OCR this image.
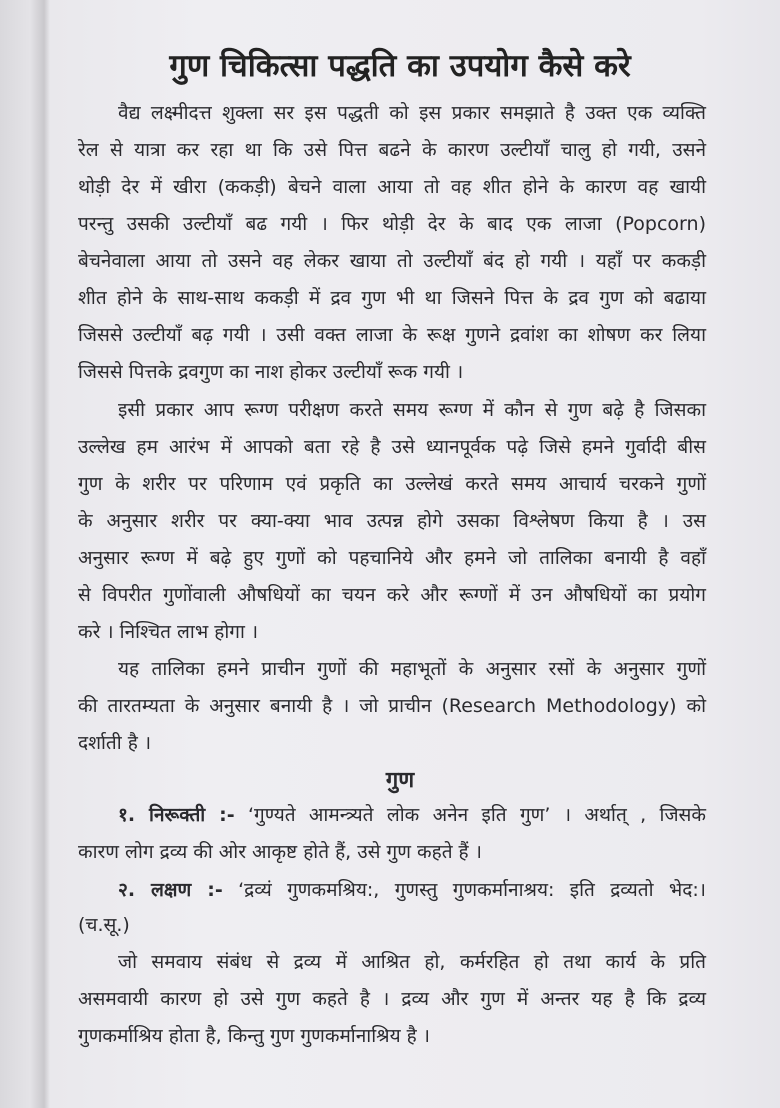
गुण चिकित्सा पद्धति का उपयोग कैसे करे
वैद्य लक्ष्मीदत्त शुक्ला सर इस पद्धती को इस प्रकार समझाते है उक्त एक व्यक्ति
रेल से यात्रा कर रहा था कि उसे पित्त बढने के कारण उल्टीयाँ चालु हो गयी, उसने
थोड़ी देर में खीरा (ककड़ी) बेचने वाला आया तो वह शीत होने के कारण वह खायी
परन्तु उसकी उल्टीयाँ बढ गयी । फिर थोड़ी देर के बाद एक लाजा (Popcorn)
बेचनेवाला आया तो उसने वह लेकर खाया तो उल्टीयाँ बंद हो गयी । यहाँ पर ककड़ी
शीत होने के साथ-साथ ककड़ी में द्रव गुण भी था जिसने पित्त के द्रव गुण को बढाया
जिससे उल्टीयाँ बढ़ गयी । उसी वक्त लाजा के रूक्ष गुणने द्रवांश का शोषण कर लिया
जिससे पित्तके द्रवगुण का नाश होकर उल्टीयाँ रूक गयी ।
इसी प्रकार आप रूग्ण परीक्षण करते समय रूग्ण में कौन से गुण बढ़े है जिसका
उल्लेख हम आरंभ में आपको बता रहे है उसे ध्यानपूर्वक पढ़े जिसे हमने गुर्वादी बीस
गुण के शरीर पर परिणाम एवं प्रकृति का उल्लेखं करते समय आचार्य चरकने गुणों
के अनुसार शरीर पर क्या-क्या भाव उत्पन्न होगे उसका विश्लेषण किया है । उस
अनुसार रूग्ण में बढ़े हुए गुणों को पहचानिये और हमने जो तालिका बनायी है वहाँ
से विपरीत गुणोंवाली औषधियों का चयन करे और रूग्णों में उन औषधियों का प्रयोग
करे । निश्चित लाभ होगा ।
यह तालिका हमने प्राचीन गुणों की महाभूतों के अनुसार रसों के अनुसार गुणों
की तारतम्यता के अनुसार बनायी है । जो प्राचीन (Research Methodology) को
दर्शाती है ।
गुण
१. निरूक्ती :- ‘गुण्यते आमन्त्र्यते लोक अनेन इति गुण’ । अर्थात् , जिसके
कारण लोग द्रव्य की ओर आकृष्ट होते हैं, उसे गुण कहते हैं ।
२. लक्षण :- ‘द्रव्यं गुणकमश्रिय:, गुणस्तु गुणकर्मानाश्रय: इति द्रव्यतो भेद:।
(च.सू.)
जो समवाय संबंध से द्रव्य में आश्रित हो, कर्मरहित हो तथा कार्य के प्रति
असमवायी कारण हो उसे गुण कहते है । द्रव्य और गुण में अन्तर यह है कि द्रव्य
गुणकर्माश्रिय होता है, किन्तु गुण गुणकर्मानाश्रिय है ।
